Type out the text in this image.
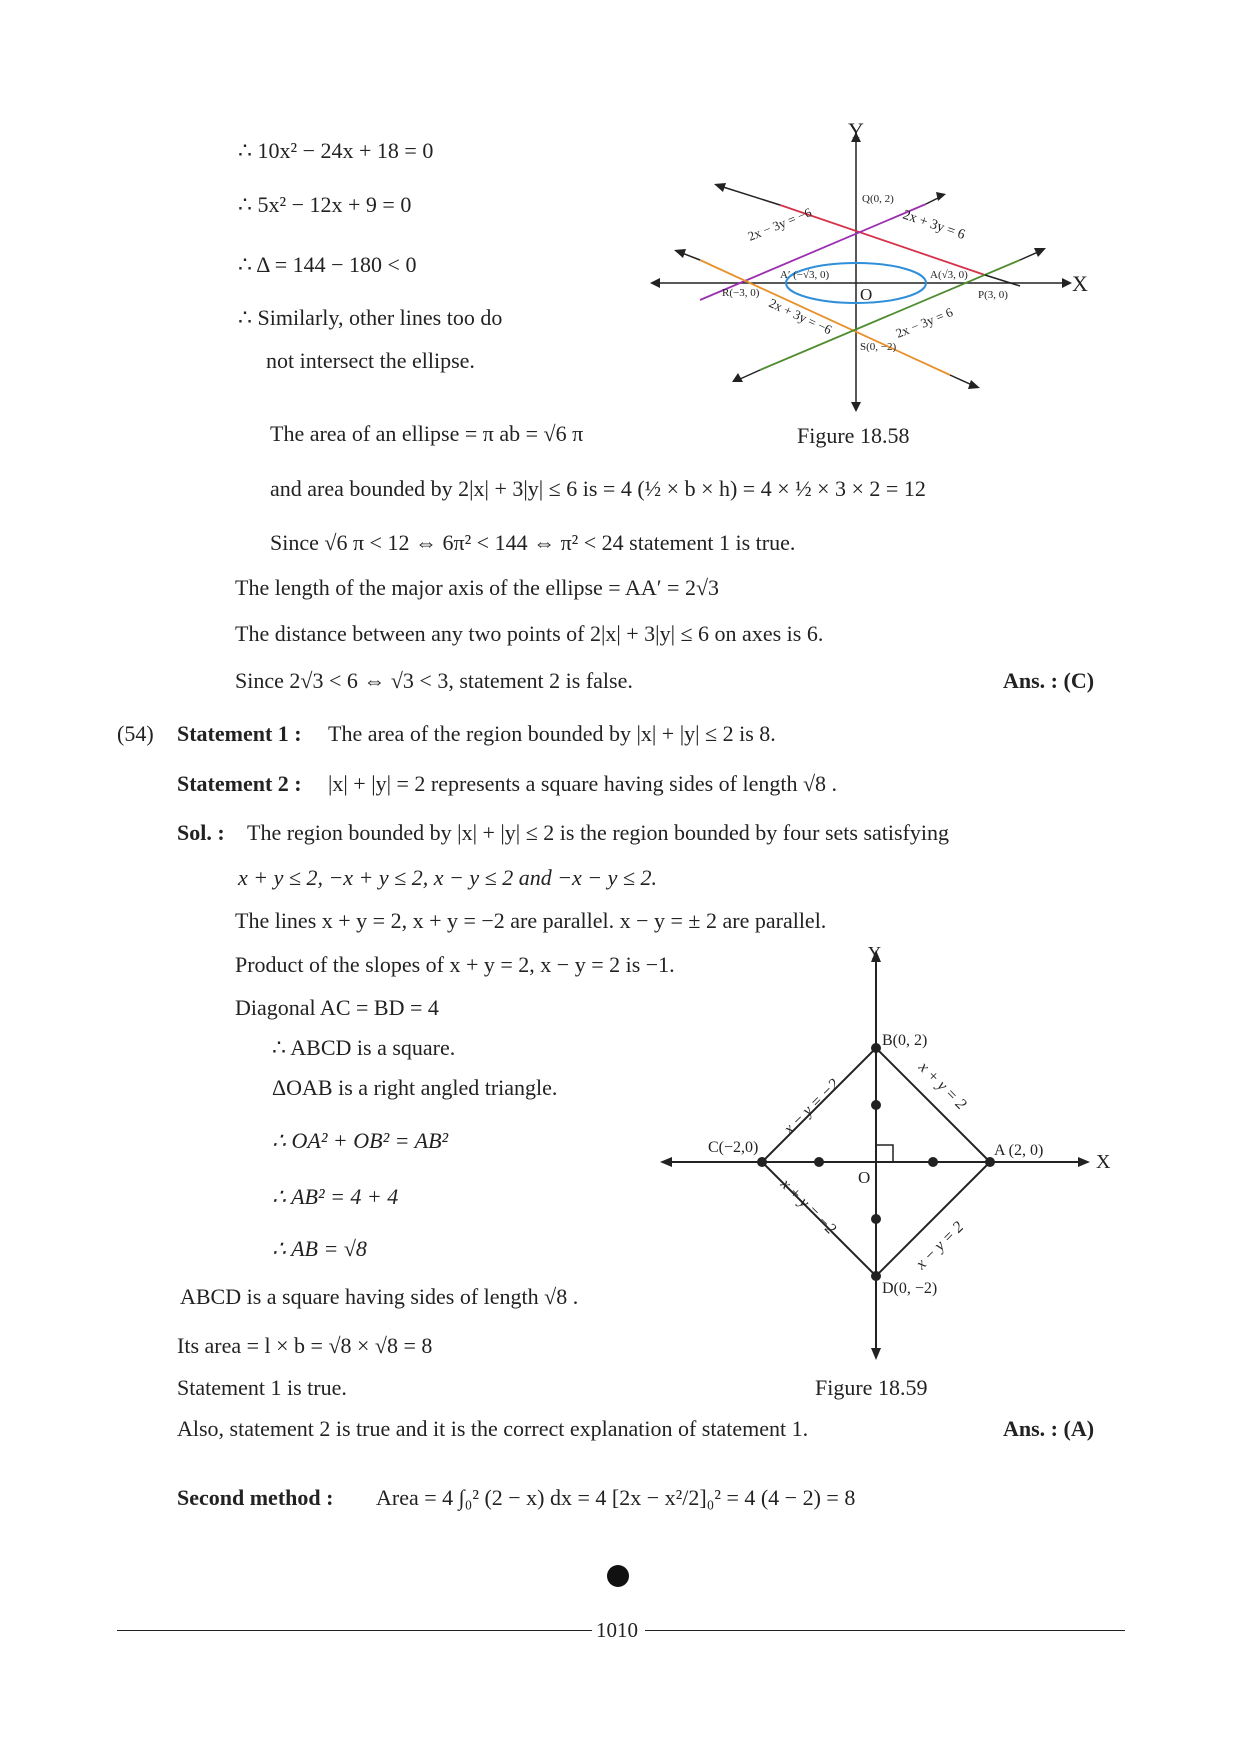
∴ 10x² − 24x + 18 = 0
∴ 5x² − 12x + 9 = 0
∴ Δ = 144 − 180 < 0
∴ Similarly, other lines too do
not intersect the ellipse.
The area of an ellipse = π ab = √6 π	Figure 18.58
and area bounded by 2|x| + 3|y| ≤ 6 is = 4 (½ × b × h) = 4 × ½ × 3 × 2 = 12
Since √6 π < 12 ⇔ 6π² < 144 ⇔ π² < 24 statement 1 is true.
The length of the major axis of the ellipse = AA′ = 2√3
The distance between any two points of 2|x| + 3|y| ≤ 6 on axes is 6.
Since 2√3 < 6 ⇔ √3 < 3, statement 2 is false.	Ans. : (C)
X
Y
Q(0, 2)
A(√3, 0)
A′ (−√3, 0)
P(3, 0)
R(−3, 0)
S(0, −2)
O
2x + 3y = 6
2x − 3y = −6
2x + 3y = −6	2x − 3y = 6
(54) Statement 1 : The area of the region bounded by |x| + |y| ≤ 2 is 8.
Statement 2 : |x| + |y| = 2 represents a square having sides of length √8 .
Sol. : The region bounded by |x| + |y| ≤ 2 is the region bounded by four sets satisfying
x + y ≤ 2, −x + y ≤ 2, x − y ≤ 2 and −x − y ≤ 2.
The lines x + y = 2, x + y = −2 are parallel. x − y = ± 2 are parallel.
Product of the slopes of x + y = 2, x − y = 2 is −1.
Diagonal AC = BD = 4
∴ ABCD is a square.
ΔOAB is a right angled triangle.
∴ OA² + OB² = AB²
∴ AB² = 4 + 4
∴ AB = √8
ABCD is a square having sides of length √8 .
Its area = l × b = √8 × √8 = 8
Statement 1 is true.	Figure 18.59
Also, statement 2 is true and it is the correct explanation of statement 1.	Ans. : (A)
Second method : Area = 4 ∫₀² (2 − x) dx = 4 [2x − x²/2]₀² = 4 (4 − 2) = 8
X
Y
O
A (2, 0)
B(0, 2)
C(−2,0)
D(0, −2)
x + y = 2
x − y = −2
x + y = −2
x − y = 2
1010
